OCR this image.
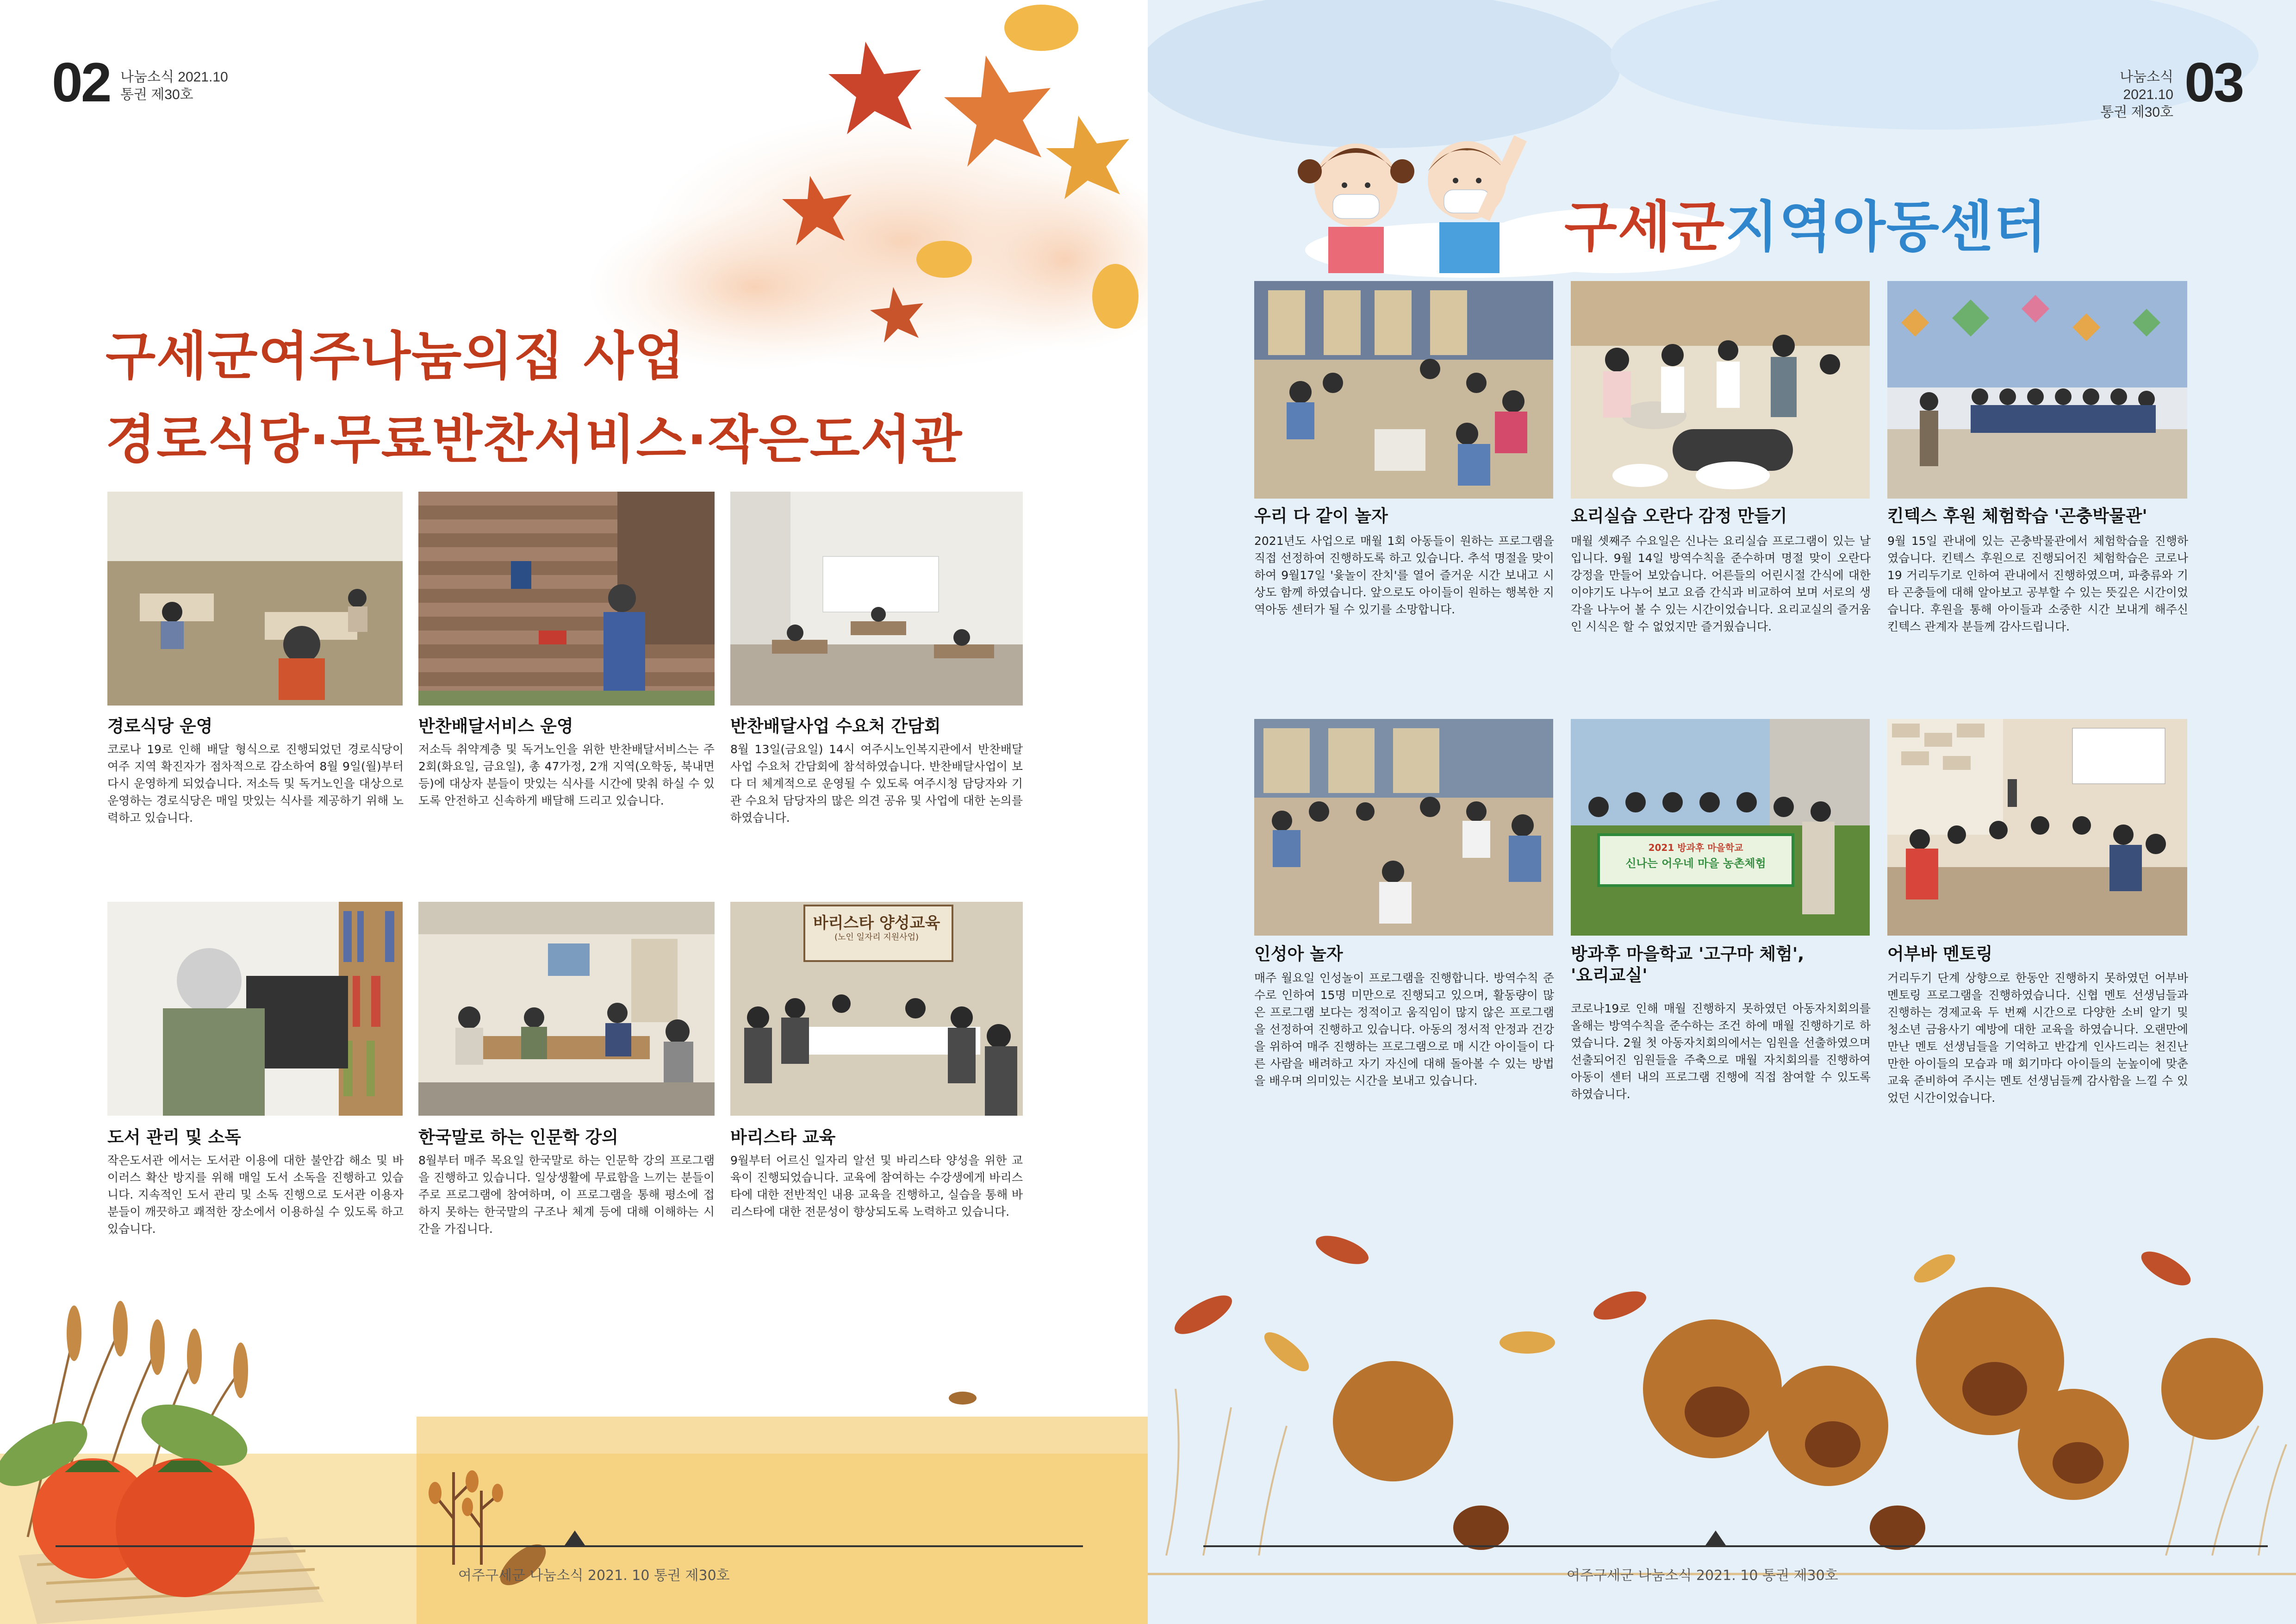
02 나눔소식 2021.10
통권 제30호
구세군여주나눔의집 사업
경로식당·무료반찬서비스·작은도서관
경로식당 운영	반찬배달서비스 운영	반찬배달사업 수요처 간담회
코로나 19로 인해 배달 형식으로 진행되었던 경로식당이 여주 지역 확진자가 점차적으로 감소하여 8월 9일(월)부터 다시 운영하게 되었습니다. 저소득 및 독거노인을 대상으로 운영하는 경로식당은 매일 맛있는 식사를 제공하기 위해 노력하고 있습니다.
저소득 취약계층 및 독거노인을 위한 반찬배달서비스는 주 2회(화요일, 금요일), 총 47가정, 2개 지역(오학동, 북내면 등)에 대상자 분들이 맛있는 식사를 시간에 맞춰 하실 수 있도록 안전하고 신속하게 배달해 드리고 있습니다.
8월 13일(금요일) 14시 여주시노인복지관에서 반찬배달사업 수요처 간담회에 참석하였습니다. 반찬배달사업이 보다 더 체계적으로 운영될 수 있도록 여주시청 담당자와 기관 수요처 담당자의 많은 의견 공유 및 사업에 대한 논의를 하였습니다.
바리스타 양성교육
(노인 일자리 지원사업)
도서 관리 및 소독	한국말로 하는 인문학 강의	바리스타 교육
작은도서관 에서는 도서관 이용에 대한 불안감 해소 및 바이러스 확산 방지를 위해 매일 도서 소독을 진행하고 있습니다. 지속적인 도서 관리 및 소독 진행으로 도서관 이용자 분들이 깨끗하고 쾌적한 장소에서 이용하실 수 있도록 하고 있습니다.
8월부터 매주 목요일 한국말로 하는 인문학 강의 프로그램을 진행하고 있습니다. 일상생활에 무료함을 느끼는 분들이 주로 프로그램에 참여하며, 이 프로그램을 통해 평소에 접하지 못하는 한국말의 구조나 체계 등에 대해 이해하는 시간을 가집니다.
9월부터 어르신 일자리 알선 및 바리스타 양성을 위한 교육이 진행되었습니다. 교육에 참여하는 수강생에게 바리스타에 대한 전반적인 내용 교육을 진행하고, 실습을 통해 바리스타에 대한 전문성이 향상되도록 노력하고 있습니다.
여주구세군 나눔소식 2021. 10 통권 제30호
03
나눔소식 2021.10
통권 제30호
구세군지역아동센터
우리 다 같이 놀자	요리실습 오란다 감정 만들기	킨텍스 후원 체험학습 '곤충박물관'
2021년도 사업으로 매월 1회 아동들이 원하는 프로그램을 직접 선정하여 진행하도록 하고 있습니다. 추석 명절을 맞이하여 9월17일 '윷놀이 잔치'를 열어 즐거운 시간 보내고 시상도 함께 하였습니다. 앞으로도 아이들이 원하는 행복한 지역아동 센터가 될 수 있기를 소망합니다.
매월 셋째주 수요일은 신나는 요리실습 프로그램이 있는 날입니다. 9월 14일 방역수칙을 준수하며 명절 맞이 오란다 강정을 만들어 보았습니다. 어른들의 어린시절 간식에 대한 이야기도 나누어 보고 요즘 간식과 비교하여 보며 서로의 생각을 나누어 볼 수 있는 시간이었습니다. 요리교실의 즐거움인 시식은 할 수 없었지만 즐거웠습니다.
9월 15일 관내에 있는 곤충박물관에서 체험학습을 진행하였습니다. 킨텍스 후원으로 진행되어진 체험학습은 코로나19 거리두기로 인하여 관내에서 진행하였으며, 파충류와 기타 곤충들에 대해 알아보고 공부할 수 있는 뜻깊은 시간이었습니다. 후원을 통해 아이들과 소중한 시간 보내게 해주신 킨텍스 관계자 분들께 감사드립니다.
2021 방과후 마을학교
신나는 어우네 마을 농촌체험
인성아 놀자	방과후 마을학교 '고구마 체험',
'요리교실'
어부바 멘토링
매주 월요일 인성놀이 프로그램을 진행합니다. 방역수칙 준수로 인하여 15명 미만으로 진행되고 있으며, 활동량이 많은 프로그램 보다는 정적이고 움직임이 많지 않은 프로그램을 선정하여 진행하고 있습니다. 아동의 정서적 안정과 건강을 위하여 매주 진행하는 프로그램으로 매 시간 아이들이 다른 사람을 배려하고 자기 자신에 대해 돌아볼 수 있는 방법을 배우며 의미있는 시간을 보내고 있습니다.
코로나19로 인해 매월 진행하지 못하였던 아동자치회의를 올해는 방역수칙을 준수하는 조건 하에 매월 진행하기로 하였습니다. 2월 첫 아동자치회의에서는 임원을 선출하였으며 선출되어진 임원들을 주축으로 매월 자치회의를 진행하여 아동이 센터 내의 프로그램 진행에 직접 참여할 수 있도록 하였습니다.
거리두기 단계 상향으로 한동안 진행하지 못하였던 어부바 멘토링 프로그램을 진행하였습니다. 신협 멘토 선생님들과 진행하는 경제교육 두 번째 시간으로 다양한 소비 알기 및 청소년 금융사기 예방에 대한 교육을 하였습니다. 오랜만에 만난 멘토 선생님들을 기억하고 반갑게 인사드리는 천진난만한 아이들의 모습과 매 회기마다 아이들의 눈높이에 맞춘 교육 준비하여 주시는 멘토 선생님들께 감사함을 느낄 수 있었던 시간이었습니다.
여주구세군 나눔소식 2021. 10 통권 제30호
